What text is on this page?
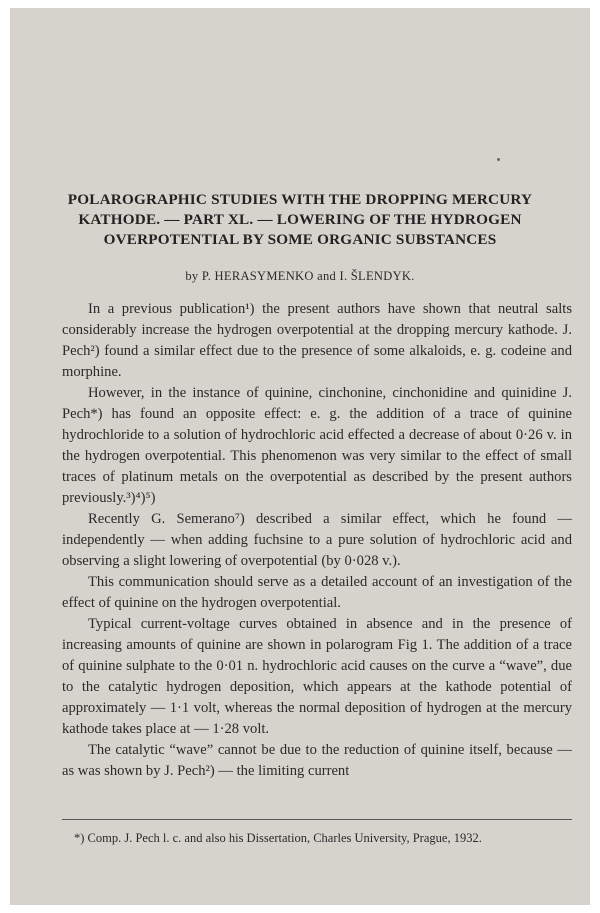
POLAROGRAPHIC STUDIES WITH THE DROPPING MERCURY
KATHODE. — PART XL. — LOWERING OF THE HYDROGEN
OVERPOTENTIAL BY SOME ORGANIC SUBSTANCES
by P. HERASYMENKO and I. ŠLENDYK.

In a previous publication¹) the present authors have shown that neutral salts considerably increase the hydrogen overpotential at the dropping mercury kathode. J. Pech²) found a similar effect due to the presence of some alkaloids, e. g. codeine and morphine.

However, in the instance of quinine, cinchonine, cinchonidine and quinidine J. Pech*) has found an opposite effect: e. g. the addition of a trace of quinine hydrochloride to a solution of hydrochloric acid effected a decrease of about 0·26 v. in the hydrogen overpotential. This phenomenon was very similar to the effect of small traces of platinum metals on the overpotential as described by the present authors previously.³)⁴)⁵)

Recently G. Semerano⁷) described a similar effect, which he found — independently — when adding fuchsine to a pure solution of hydrochloric acid and observing a slight lowering of overpotential (by 0·028 v.).

This communication should serve as a detailed account of an investigation of the effect of quinine on the hydrogen overpotential.

Typical current-voltage curves obtained in absence and in the presence of increasing amounts of quinine are shown in polarogram Fig 1. The addition of a trace of quinine sulphate to the 0·01 n. hydrochloric acid causes on the curve a “wave”, due to the catalytic hydrogen deposition, which appears at the kathode potential of approximately — 1·1 volt, whereas the normal deposition of hydrogen at the mercury kathode takes place at — 1·28 volt.

The catalytic “wave” cannot be due to the reduction of quinine itself, because — as was shown by J. Pech²) — the limiting current

*) Comp. J. Pech l. c. and also his Dissertation, Charles University, Prague, 1932.
